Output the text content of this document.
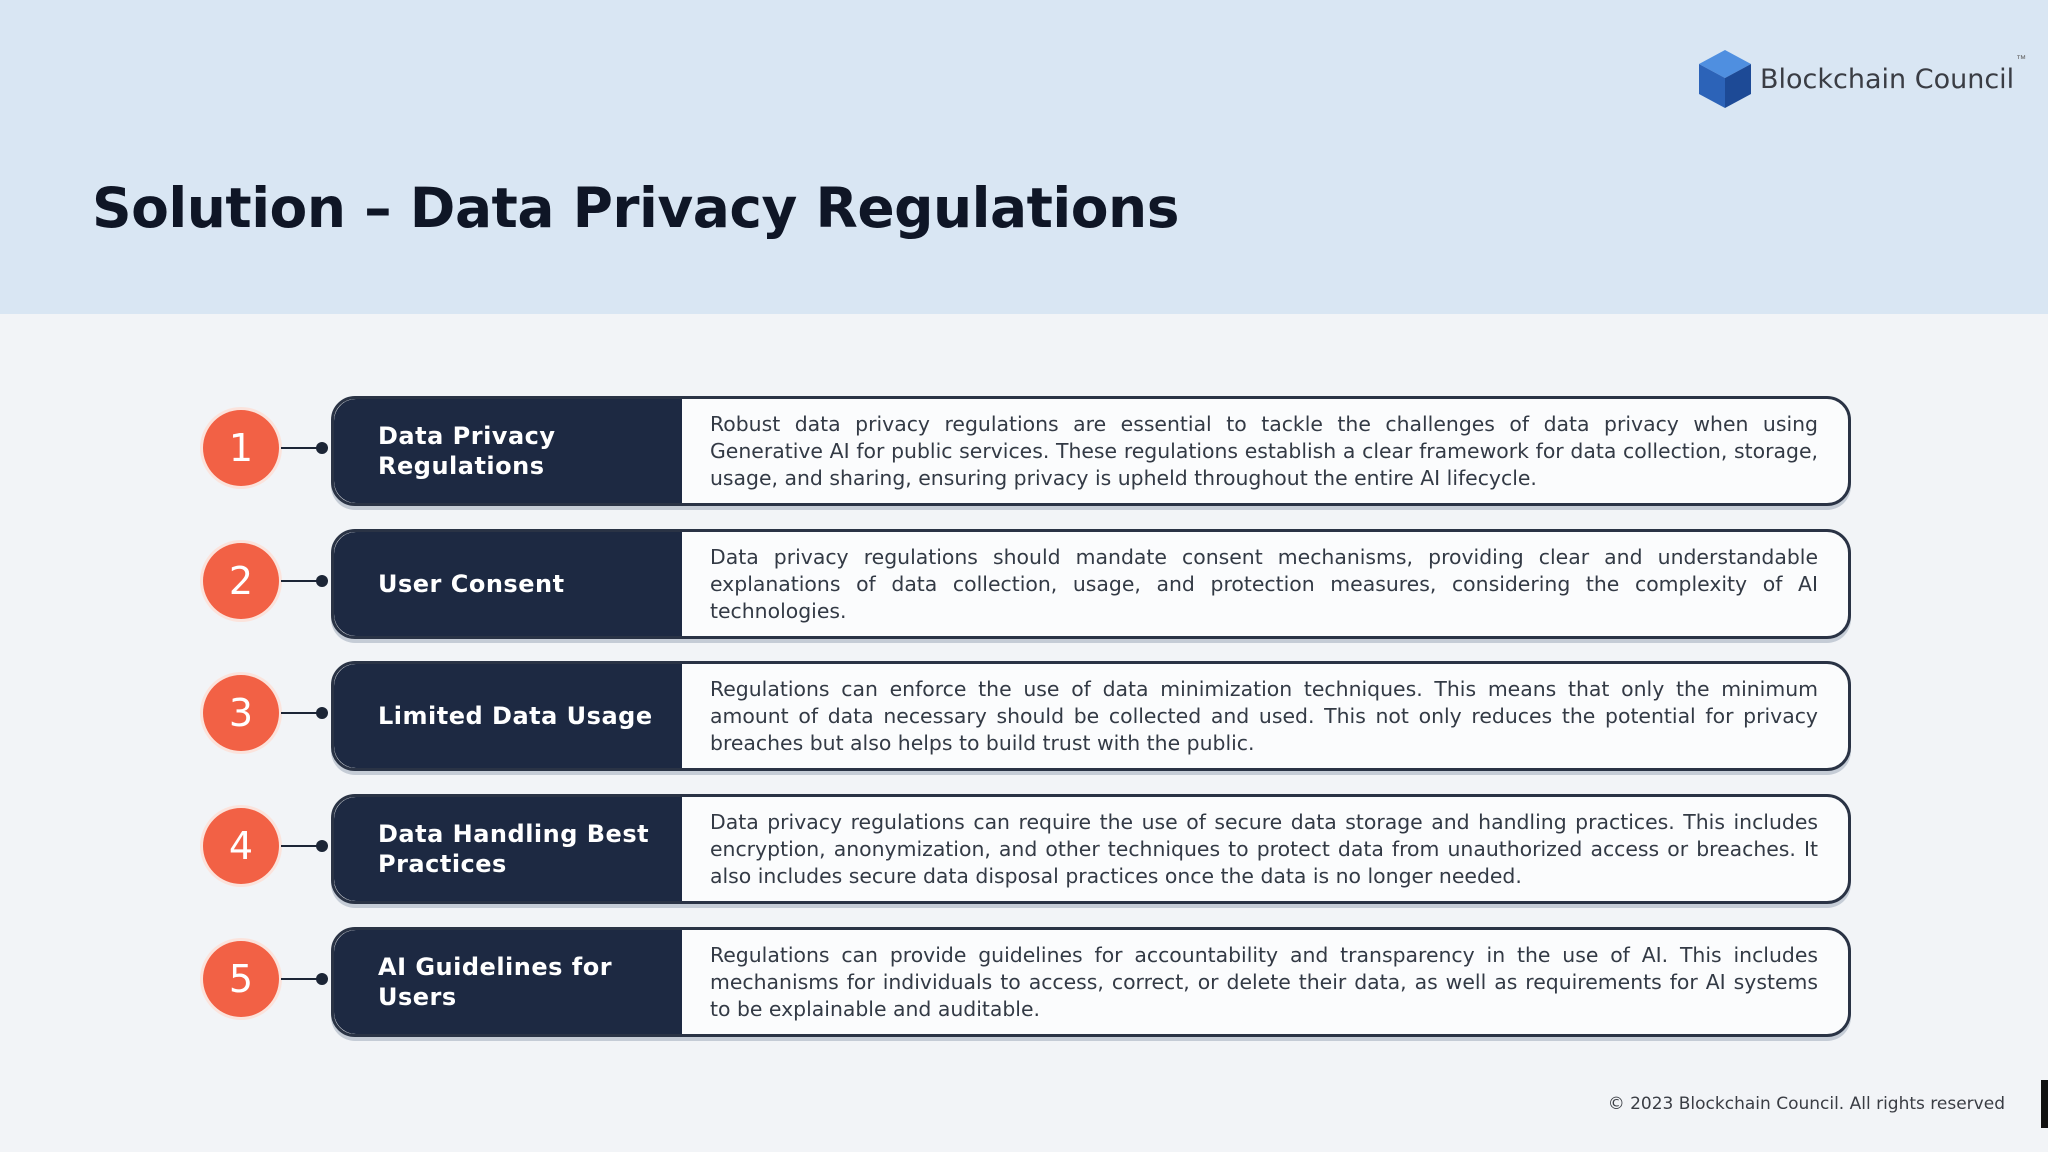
Blockchain Council
™
Solution – Data Privacy Regulations
1	Data Privacy Regulations
Robust data privacy regulations are essential to tackle the challenges of data privacy when using Generative AI for public services. These regulations establish a clear framework for data collection, storage, usage, and sharing, ensuring privacy is upheld throughout the entire AI lifecycle.
2	User Consent
Data privacy regulations should mandate consent mechanisms, providing clear and understandable explanations of data collection, usage, and protection measures, considering the complexity of AI technologies.
3	Limited Data Usage
Regulations can enforce the use of data minimization techniques. This means that only the minimum amount of data necessary should be collected and used. This not only reduces the potential for privacy breaches but also helps to build trust with the public.
4	Data Handling Best Practices
Data privacy regulations can require the use of secure data storage and handling practices. This includes encryption, anonymization, and other techniques to protect data from unauthorized access or breaches. It also includes secure data disposal practices once the data is no longer needed.
5	AI Guidelines for Users
Regulations can provide guidelines for accountability and transparency in the use of AI. This includes mechanisms for individuals to access, correct, or delete their data, as well as requirements for AI systems to be explainable and auditable.
© 2023 Blockchain Council. All rights reserved
